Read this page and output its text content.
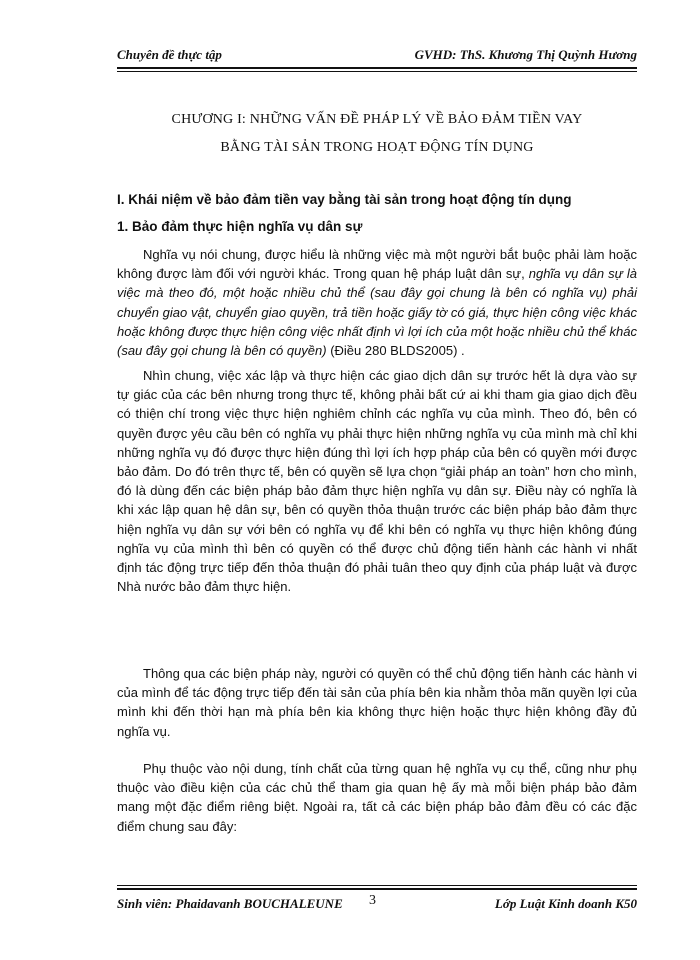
Chuyên đề thực tập	GVHD: ThS. Khương Thị Quỳnh Hương
CHƯƠNG I: NHỮNG VẤN ĐỀ PHÁP LÝ VỀ BẢO ĐẢM TIỀN VAY
BẰNG TÀI SẢN TRONG HOẠT ĐỘNG TÍN DỤNG
I. Khái niệm về bảo đảm tiền vay bằng tài sản trong hoạt động tín dụng
1. Bảo đảm thực hiện nghĩa vụ dân sự
Nghĩa vụ nói chung, được hiểu là những việc mà một người bắt buộc phải làm hoặc không được làm đối với người khác. Trong quan hệ pháp luật dân sự, nghĩa vụ dân sự là việc mà theo đó, một hoặc nhiều chủ thể (sau đây gọi chung là bên có nghĩa vụ) phải chuyển giao vật, chuyển giao quyền, trả tiền hoặc giấy tờ có giá, thực hiện công việc khác hoặc không được thực hiện công việc nhất định vì lợi ích của một hoặc nhiều chủ thể khác (sau đây gọi chung là bên có quyền) (Điều 280 BLDS2005) .
Nhìn chung, việc xác lập và thực hiện các giao dịch dân sự trước hết là dựa vào sự tự giác của các bên nhưng trong thực tế, không phải bất cứ ai khi tham gia giao dịch đều có thiện chí trong việc thực hiện nghiêm chỉnh các nghĩa vụ của mình. Theo đó, bên có quyền được yêu cầu bên có nghĩa vụ phải thực hiện những nghĩa vụ của mình mà chỉ khi những nghĩa vụ đó được thực hiện đúng thì lợi ích hợp pháp của bên có quyền mới được bảo đảm. Do đó trên thực tế, bên có quyền sẽ lựa chọn “giải pháp an toàn” hơn cho mình, đó là dùng đến các biện pháp bảo đảm thực hiện nghĩa vụ dân sự. Điều này có nghĩa là khi xác lập quan hệ dân sự, bên có quyền thỏa thuận trước các biện pháp bảo đảm thực hiện nghĩa vụ dân sự với bên có nghĩa vụ để khi bên có nghĩa vụ thực hiện không đúng nghĩa vụ của mình thì bên có quyền có thể được chủ động tiến hành các hành vi nhất định tác động trực tiếp đến thỏa thuận đó phải tuân theo quy định của pháp luật và được Nhà nước bảo đảm thực hiện.
Thông qua các biện pháp này, người có quyền có thể chủ động tiến hành các hành vi của mình để tác động trực tiếp đến tài sản của phía bên kia nhằm thỏa mãn quyền lợi của mình khi đến thời hạn mà phía bên kia không thực hiện hoặc thực hiện không đầy đủ nghĩa vụ.
Phụ thuộc vào nội dung, tính chất của từng quan hệ nghĩa vụ cụ thể, cũng như phụ thuộc vào điều kiện của các chủ thể tham gia quan hệ ấy mà mỗi biện pháp bảo đảm mang một đặc điểm riêng biệt. Ngoài ra, tất cả các biện pháp bảo đảm đều có các đặc điểm chung sau đây:
Sinh viên: Phaidavanh BOUCHALEUNE 3	Lớp Luật Kinh doanh K50
